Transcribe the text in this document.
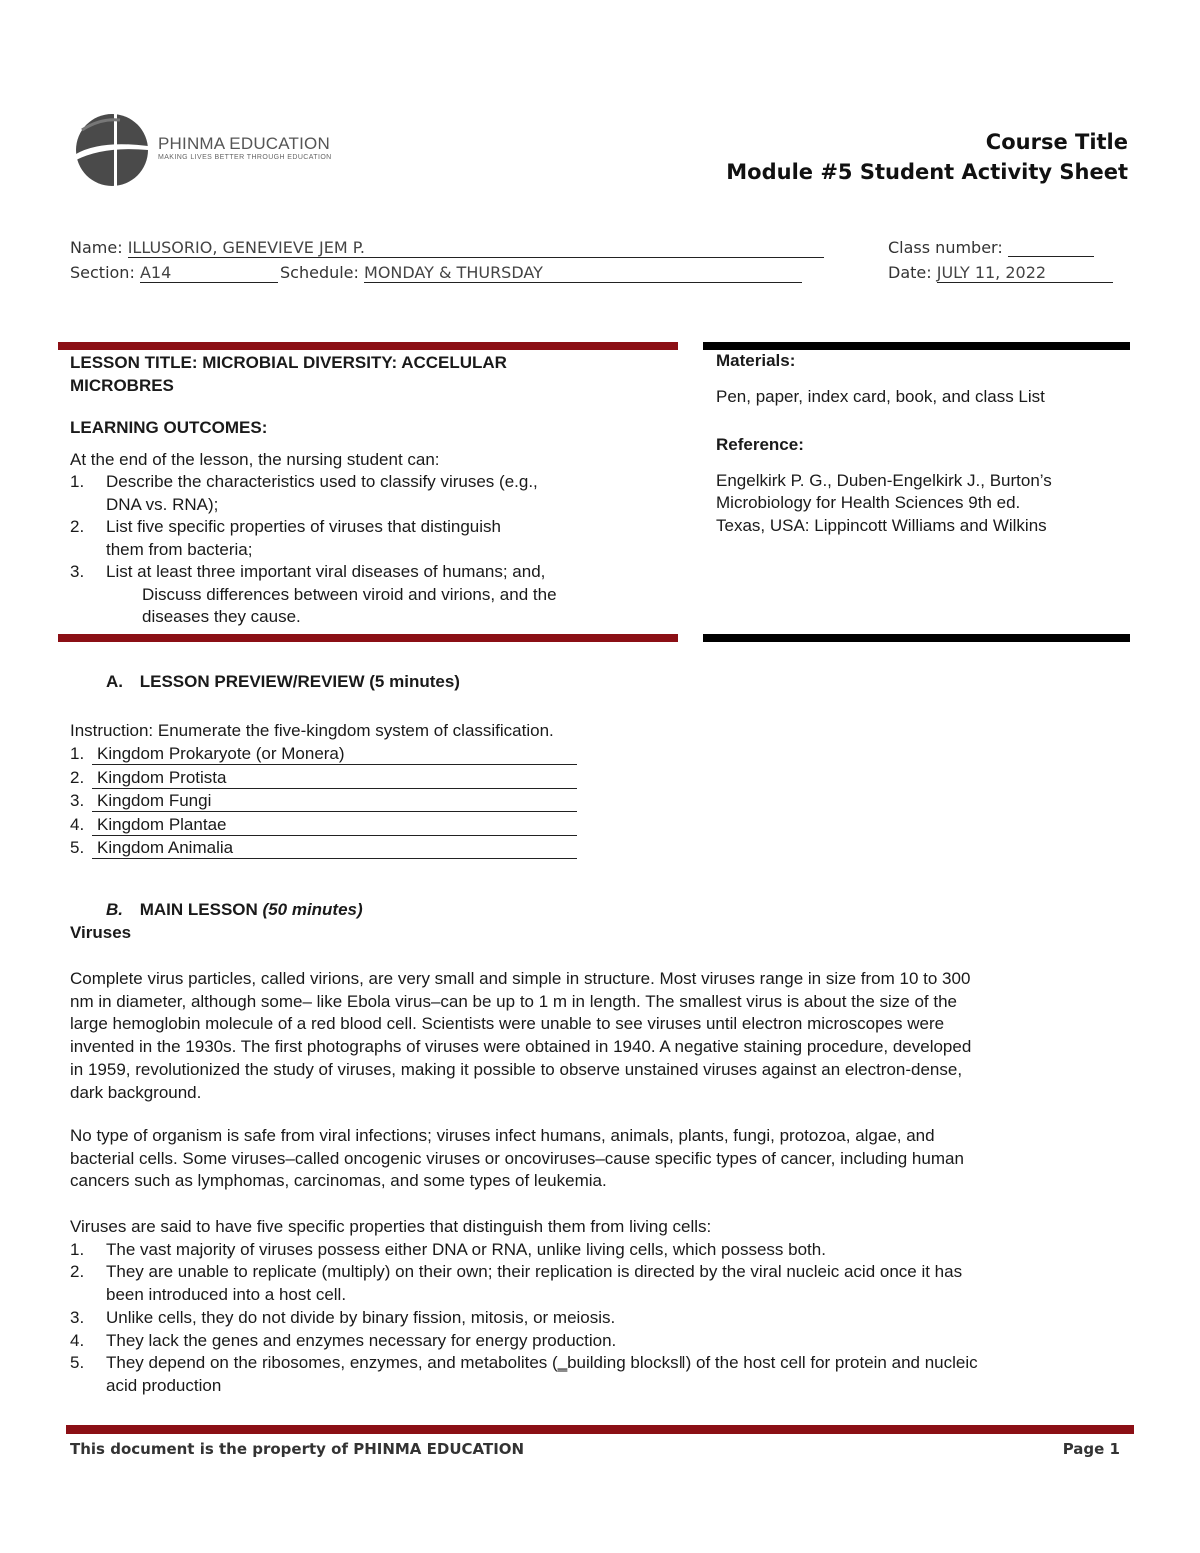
PHINMA EDUCATION
MAKING LIVES BETTER THROUGH EDUCATION
Course Title
Module #5 Student Activity Sheet
Name: ILLUSORIO, GENEVIEVE JEM P.	Class number:
Section: A14	Schedule: MONDAY & THURSDAY	Date: JULY 11, 2022
LESSON TITLE: MICROBIAL DIVERSITY: ACCELULAR MICROBRES
LEARNING OUTCOMES:
At the end of the lesson, the nursing student can:
1. Describe the characteristics used to classify viruses (e.g.,
DNA vs. RNA);
2. List five specific properties of viruses that distinguish
them from bacteria;
3. List at least three important viral diseases of humans; and,
Discuss differences between viroid and virions, and the
diseases they cause.
Materials:
Pen, paper, index card, book, and class List
Reference:
Engelkirk P. G., Duben-Engelkirk J., Burton’s
Microbiology for Health Sciences 9th ed.
Texas, USA: Lippincott Williams and Wilkins
A. LESSON PREVIEW/REVIEW (5 minutes)
Instruction: Enumerate the five-kingdom system of classification.
1. Kingdom Prokaryote (or Monera)
2. Kingdom Protista
3. Kingdom Fungi
4. Kingdom Plantae
5. Kingdom Animalia
B. MAIN LESSON (50 minutes)
Viruses
Complete virus particles, called virions, are very small and simple in structure. Most viruses range in size from 10 to 300
nm in diameter, although some– like Ebola virus–can be up to 1 m in length. The smallest virus is about the size of the
large hemoglobin molecule of a red blood cell. Scientists were unable to see viruses until electron microscopes were
invented in the 1930s. The first photographs of viruses were obtained in 1940. A negative staining procedure, developed
in 1959, revolutionized the study of viruses, making it possible to observe unstained viruses against an electron-dense,
dark background.
No type of organism is safe from viral infections; viruses infect humans, animals, plants, fungi, protozoa, algae, and
bacterial cells. Some viruses–called oncogenic viruses or oncoviruses–cause specific types of cancer, including human
cancers such as lymphomas, carcinomas, and some types of leukemia.
Viruses are said to have five specific properties that distinguish them from living cells:
1. The vast majority of viruses possess either DNA or RNA, unlike living cells, which possess both.
2. They are unable to replicate (multiply) on their own; their replication is directed by the viral nucleic acid once it has
been introduced into a host cell.
3. Unlike cells, they do not divide by binary fission, mitosis, or meiosis.
4. They lack the genes and enzymes necessary for energy production.
5. They depend on the ribosomes, enzymes, and metabolites (‗building blocks‖) of the host cell for protein and nucleic
acid production
This document is the property of PHINMA EDUCATION	Page 1
